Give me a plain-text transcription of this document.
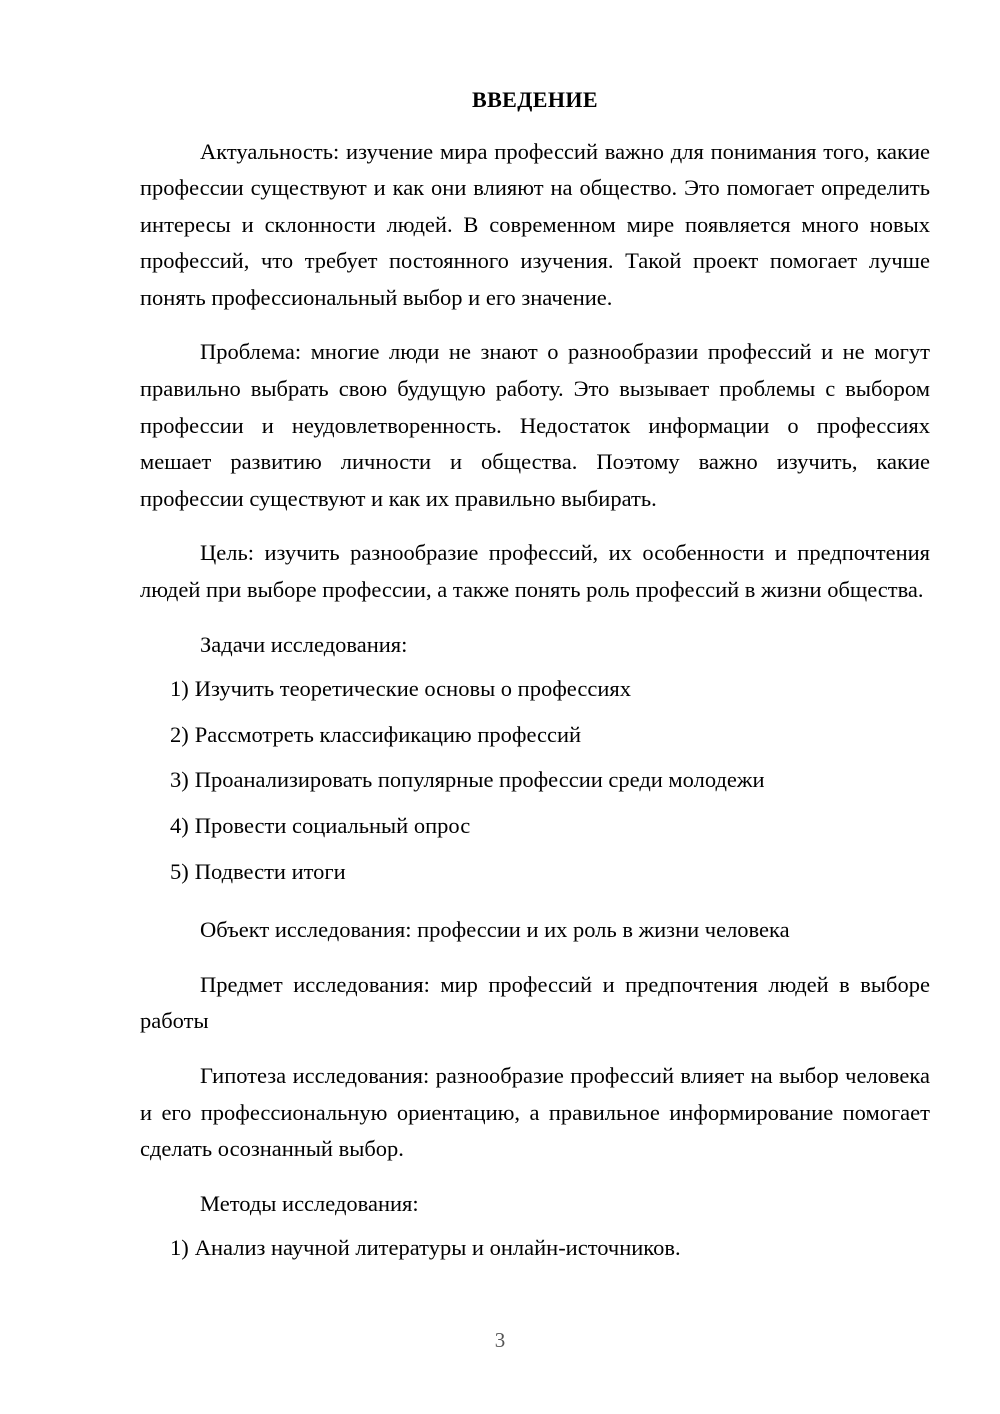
ВВЕДЕНИЕ

Актуальность: изучение мира профессий важно для понимания того, какие профессии существуют и как они влияют на общество. Это помогает определить интересы и склонности людей. В современном мире появляется много новых профессий, что требует постоянного изучения. Такой проект помогает лучше понять профессиональный выбор и его значение.

Проблема: многие люди не знают о разнообразии профессий и не могут правильно выбрать свою будущую работу. Это вызывает проблемы с выбором профессии и неудовлетворенность. Недостаток информации о профессиях мешает развитию личности и общества. Поэтому важно изучить, какие профессии существуют и как их правильно выбирать.

Цель: изучить разнообразие профессий, их особенности и предпочтения людей при выборе профессии, а также понять роль профессий в жизни общества.

Задачи исследования:

1) Изучить теоретические основы о профессиях
2) Рассмотреть классификацию профессий
3) Проанализировать популярные профессии среди молодежи
4) Провести социальный опрос
5) Подвести итоги

Объект исследования: профессии и их роль в жизни человека

Предмет исследования: мир профессий и предпочтения людей в выборе работы

Гипотеза исследования: разнообразие профессий влияет на выбор человека и его профессиональную ориентацию, а правильное информирование помогает сделать осознанный выбор.

Методы исследования:

1) Анализ научной литературы и онлайн-источников.
3
